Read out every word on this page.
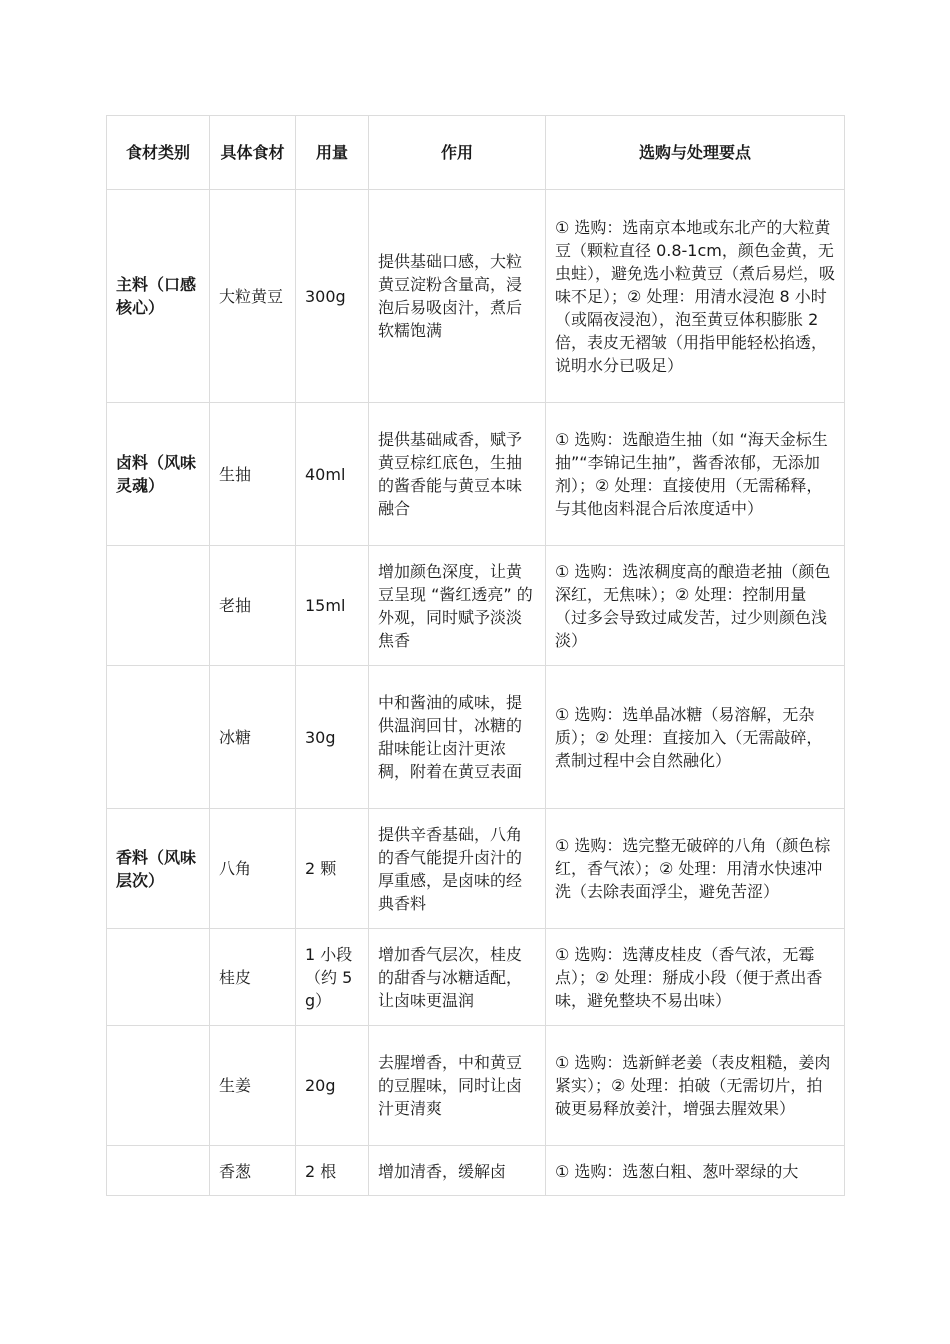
食材类别	具体食材	用量	作用	选购与处理要点
主料（口感核心）	大粒黄豆	300g	提供基础口感，大粒黄豆淀粉含量高，浸泡后易吸卤汁，煮后软糯饱满	① 选购：选南京本地或东北产的大粒黄豆（颗粒直径 0.8-1cm，颜色金黄，无虫蛀），避免选小粒黄豆（煮后易烂，吸味不足）；② 处理：用清水浸泡 8 小时（或隔夜浸泡），泡至黄豆体积膨胀 2 倍，表皮无褶皱（用指甲能轻松掐透，说明水分已吸足）
卤料（风味灵魂）	生抽	40ml	提供基础咸香，赋予黄豆棕红底色，生抽的酱香能与黄豆本味融合	① 选购：选酿造生抽（如 “海天金标生抽”“李锦记生抽”，酱香浓郁，无添加剂）；② 处理：直接使用（无需稀释，与其他卤料混合后浓度适中）
	老抽	15ml	增加颜色深度，让黄豆呈现 “酱红透亮” 的外观，同时赋予淡淡焦香	① 选购：选浓稠度高的酿造老抽（颜色深红，无焦味）；② 处理：控制用量（过多会导致过咸发苦，过少则颜色浅淡）
	冰糖	30g	中和酱油的咸味，提供温润回甘，冰糖的甜味能让卤汁更浓稠，附着在黄豆表面	① 选购：选单晶冰糖（易溶解，无杂质）；② 处理：直接加入（无需敲碎，煮制过程中会自然融化）
香料（风味层次）	八角	2 颗	提供辛香基础，八角的香气能提升卤汁的厚重感，是卤味的经典香料	① 选购：选完整无破碎的八角（颜色棕红，香气浓）；② 处理：用清水快速冲洗（去除表面浮尘，避免苦涩）
	桂皮	1 小段（约 5g）	增加香气层次，桂皮的甜香与冰糖适配，让卤味更温润	① 选购：选薄皮桂皮（香气浓，无霉点）；② 处理：掰成小段（便于煮出香味，避免整块不易出味）
	生姜	20g	去腥增香，中和黄豆的豆腥味，同时让卤汁更清爽	① 选购：选新鲜老姜（表皮粗糙，姜肉紧实）；② 处理：拍破（无需切片，拍破更易释放姜汁，增强去腥效果）
	香葱	2 根	增加清香，缓解卤	① 选购：选葱白粗、葱叶翠绿的大
